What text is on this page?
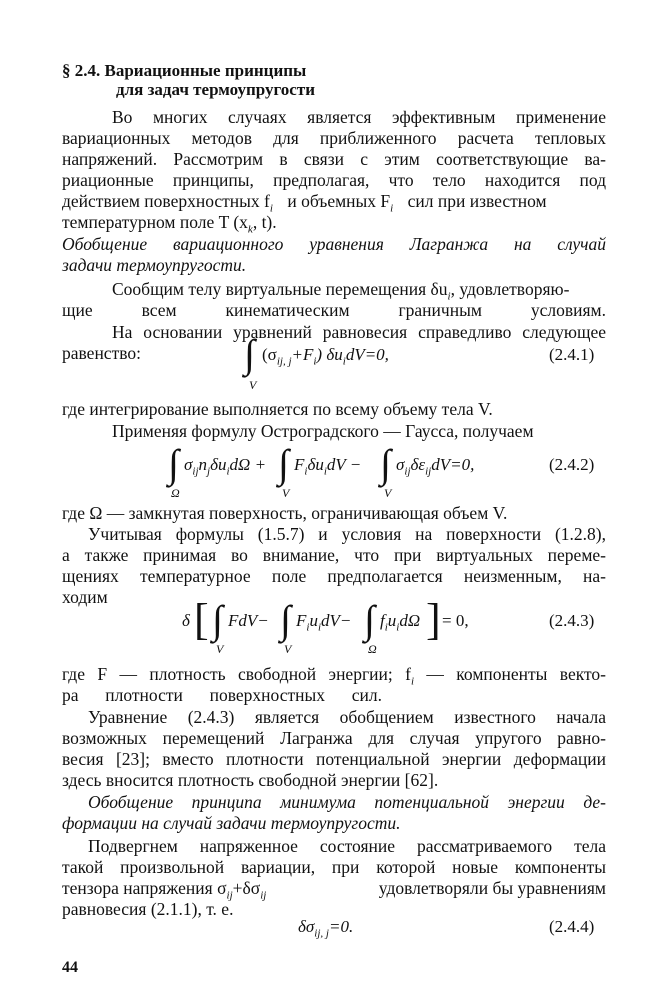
§ 2.4. Вариационные принципы
для задач термоупругости
Во многих случаях является эффективным применение
вариационных методов для приближенного расчета тепловых
напряжений. Рассмотрим в связи с этим соответствующие ва-
риационные принципы, предполагая, что тело находится под
действием поверхностных $f_i$ и объемных $F_i$ сил при известном
температурном поле T ($x_k$, t).
Обобщение вариационного уравнения Лагранжа на случай
задачи термоупругости.
Сообщим телу виртуальные перемещения $\delta u_i$, удовлетворяю-
щие всем кинематическим граничным условиям.
На основании уравнений равновесия справедливо следующее
равенство:	∫
V
$(\sigma_{ij, j}+F_i)$ $\delta u_idV=0$,	(2.4.1)
где интегрирование выполняется по всему объему тела V.
Применяя формулу Остроградского — Гаусса, получаем
∫
Ω
$\sigma_{ij}n_j\delta u_id\Omega$ + ∫
V
$F_i\delta u_idV$ − ∫
V
$\sigma_{ij}\delta\varepsilon_{ij}dV=0$,	(2.4.2)
где Ω — замкнутая поверхность, ограничивающая объем V.
Учитывая формулы (1.5.7) и условия на поверхности (1.2.8),
а также принимая во внимание, что при виртуальных переме-
щениях температурное поле предполагается неизменным, на-
ходим
δ [ ∫
V
FdV− ∫
V
$F_iu_idV-$ ∫
Ω
$f_iu_id\Omega$ ] = 0,	(2.4.3)
где F — плотность свободной энергии; $f_i$ — компоненты векто-
ра плотности поверхностных сил.
Уравнение (2.4.3) является обобщением известного начала
возможных перемещений Лагранжа для случая упругого равно-
весия [23]; вместо плотности потенциальной энергии деформации
здесь вносится плотность свободной энергии [62].
Обобщение принципа минимума потенциальной энергии де-
формации на случай задачи термоупругости.
Подвергнем напряженное состояние рассматриваемого тела
такой произвольной вариации, при которой новые компоненты
тензора напряжения $\sigma_{ij}+\delta\sigma_{ij}$	удовлетворяли бы уравнениям
равновесия (2.1.1), т. е.
$\delta\sigma_{ij, j}=0$.	(2.4.4)
44
